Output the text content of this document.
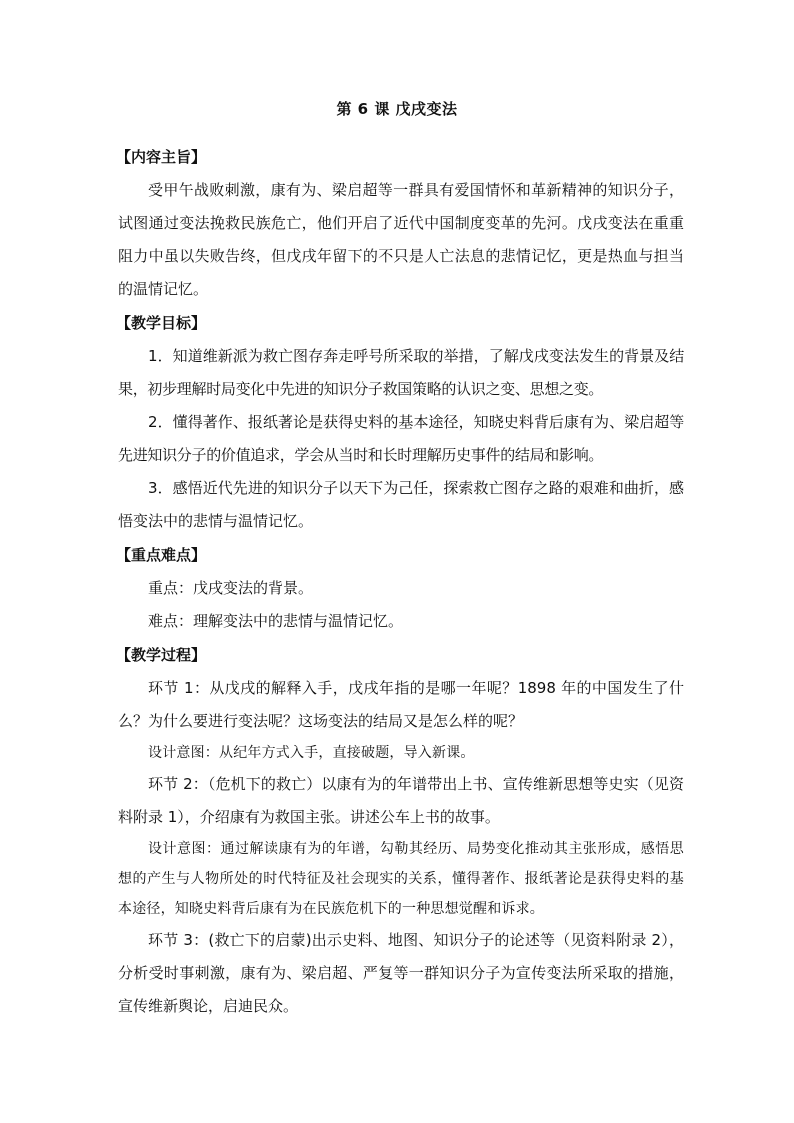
第 6 课 戊戌变法
【内容主旨】

受甲午战败刺激，康有为、梁启超等一群具有爱国情怀和革新精神的知识分子，试图通过变法挽救民族危亡，他们开启了近代中国制度变革的先河。戊戌变法在重重阻力中虽以失败告终，但戊戌年留下的不只是人亡法息的悲情记忆，更是热血与担当的温情记忆。

【教学目标】

1．知道维新派为救亡图存奔走呼号所采取的举措，了解戊戌变法发生的背景及结果，初步理解时局变化中先进的知识分子救国策略的认识之变、思想之变。

2．懂得著作、报纸著论是获得史料的基本途径，知晓史料背后康有为、梁启超等先进知识分子的价值追求，学会从当时和长时理解历史事件的结局和影响。

3．感悟近代先进的知识分子以天下为己任，探索救亡图存之路的艰难和曲折，感悟变法中的悲情与温情记忆。

【重点难点】

重点：戊戌变法的背景。

难点：理解变法中的悲情与温情记忆。

【教学过程】

环节 1：从戊戌的解释入手，戊戌年指的是哪一年呢？1898 年的中国发生了什么？为什么要进行变法呢？这场变法的结局又是怎么样的呢？

设计意图：从纪年方式入手，直接破题，导入新课。

环节 2：（危机下的救亡）以康有为的年谱带出上书、宣传维新思想等史实（见资料附录 1），介绍康有为救国主张。讲述公车上书的故事。

设计意图：通过解读康有为的年谱，勾勒其经历、局势变化推动其主张形成，感悟思想的产生与人物所处的时代特征及社会现实的关系，懂得著作、报纸著论是获得史料的基本途径，知晓史料背后康有为在民族危机下的一种思想觉醒和诉求。

环节 3：(救亡下的启蒙)出示史料、地图、知识分子的论述等（见资料附录 2），分析受时事刺激，康有为、梁启超、严复等一群知识分子为宣传变法所采取的措施，宣传维新舆论，启迪民众。
